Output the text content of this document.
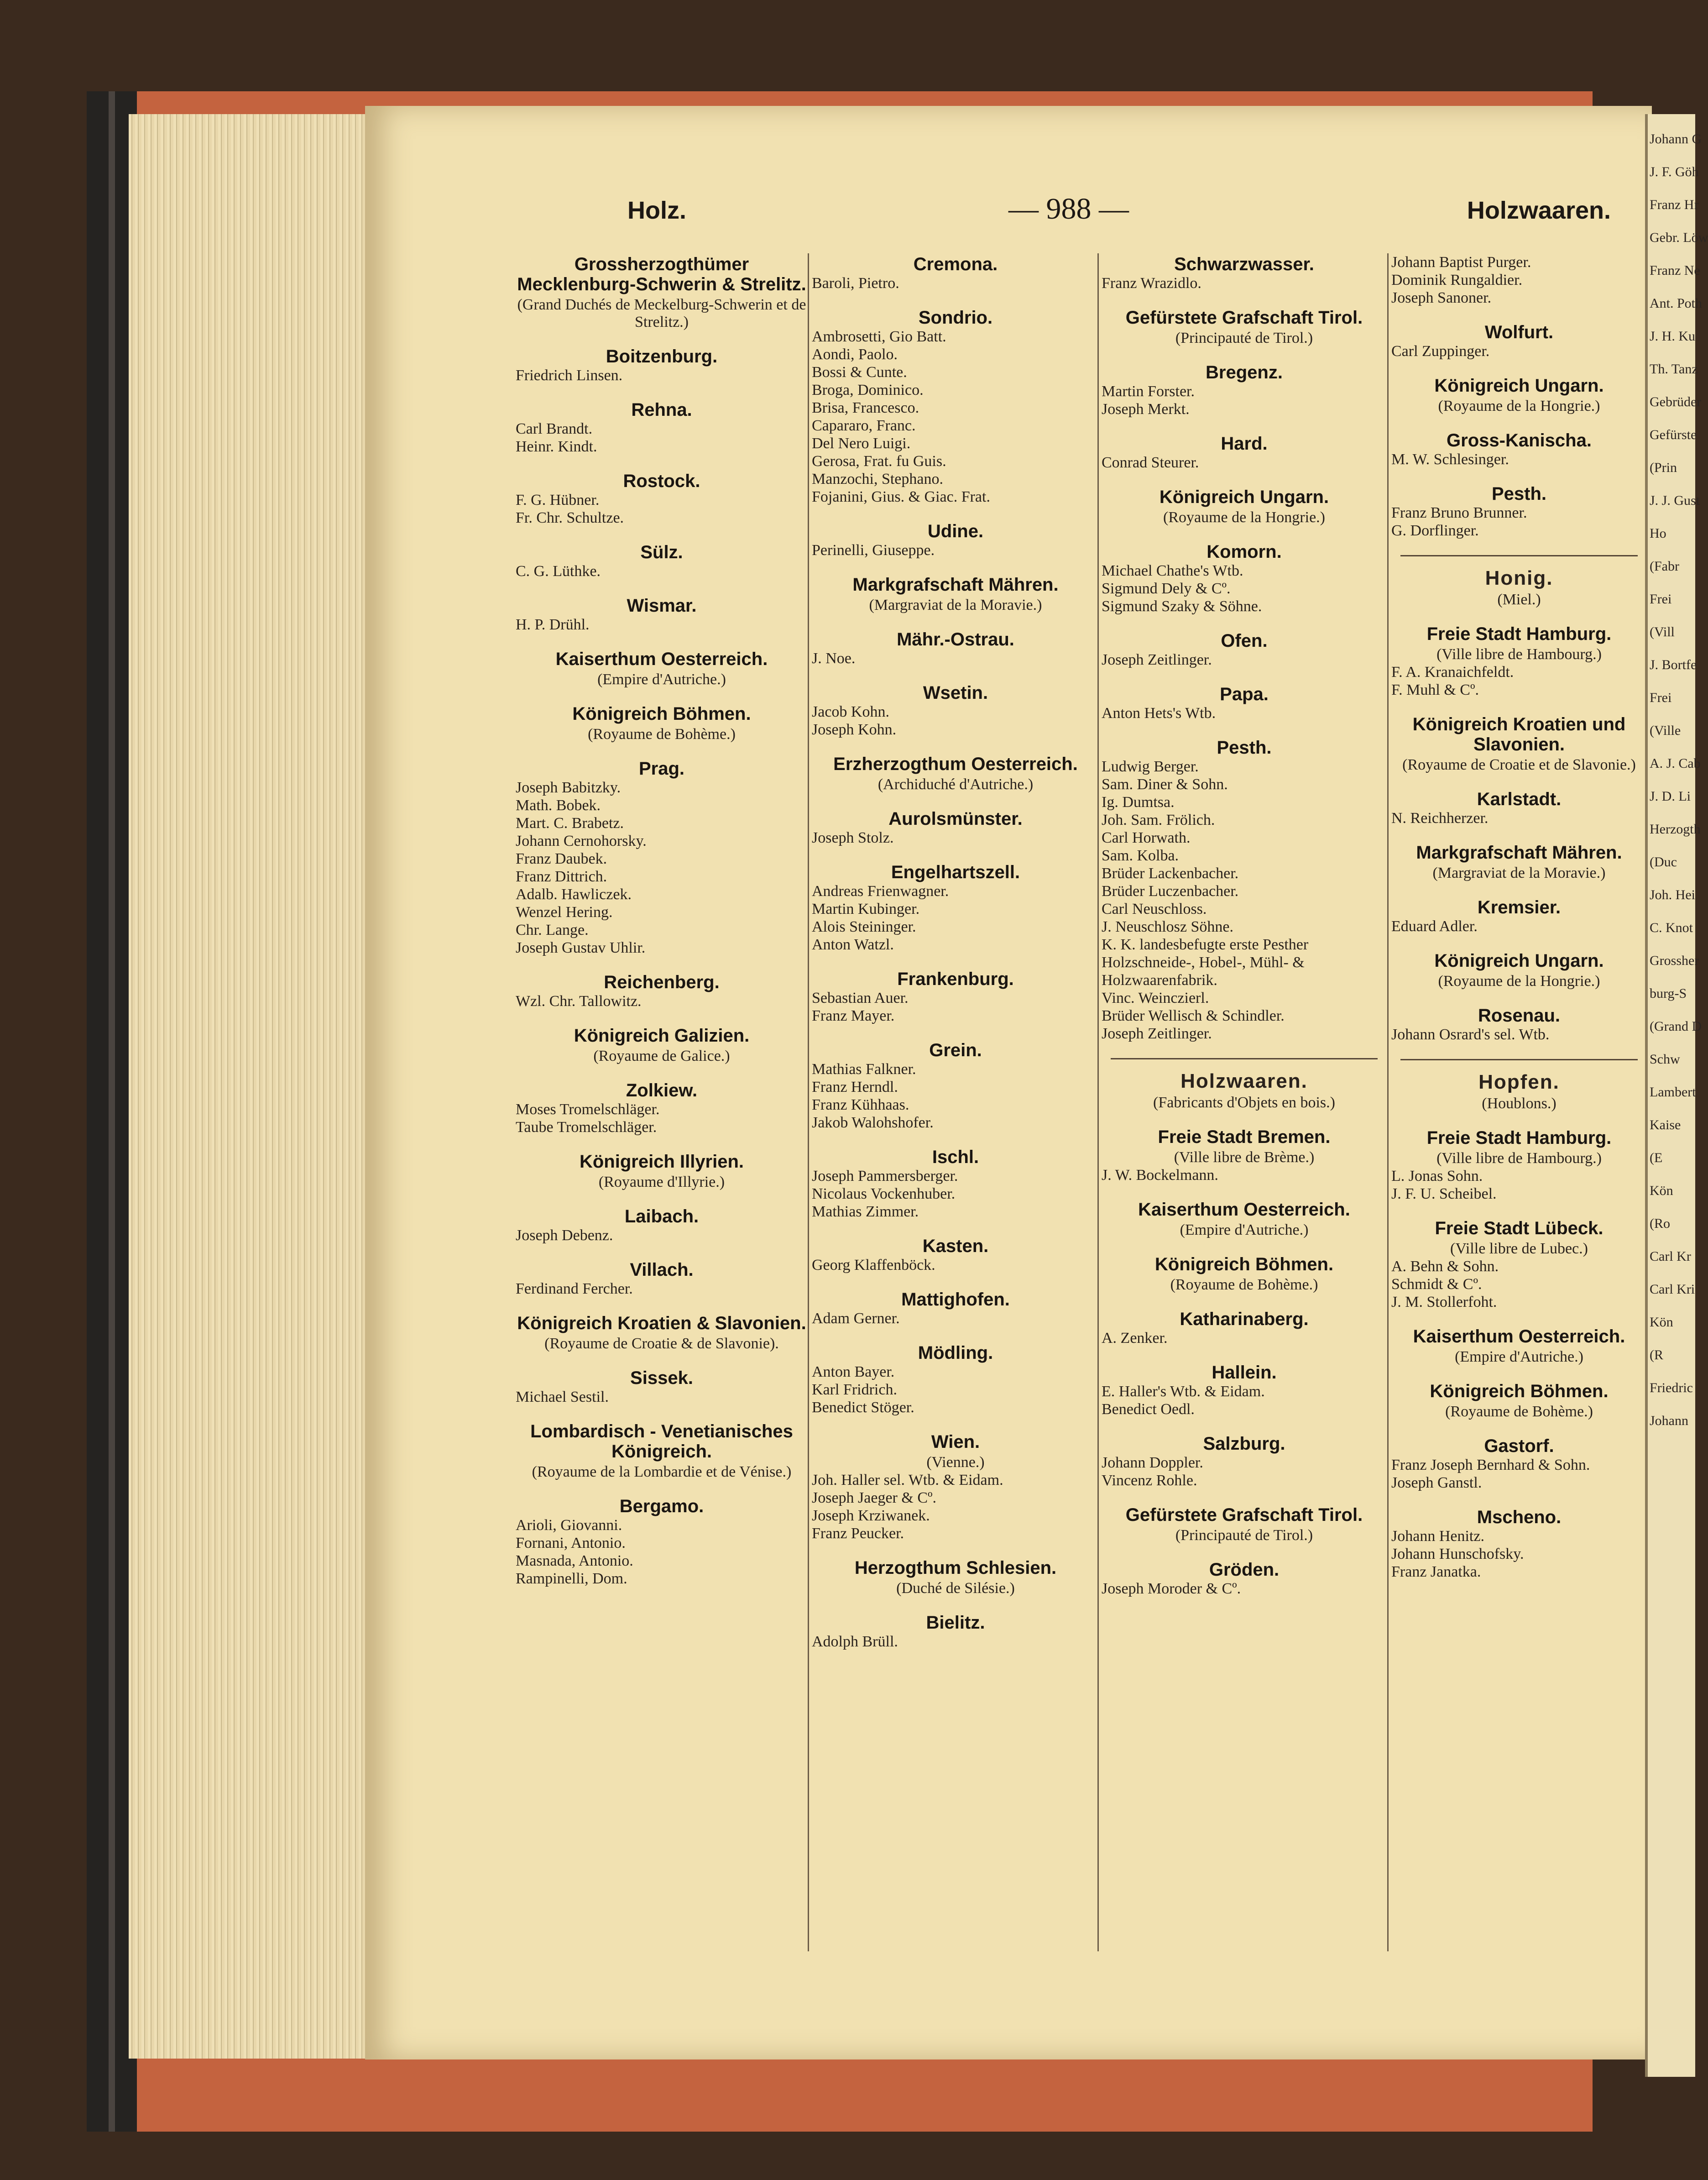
Holz.	— 988 —	Holzwaaren.
Grossherzogthümer Mecklenburg-Schwerin & Strelitz.
(Grand Duchés de Meckelburg-Schwerin et de Strelitz.)
Boitzenburg.
Friedrich Linsen.
Rehna.
Carl Brandt.
Heinr. Kindt.
Rostock.
F. G. Hübner.
Fr. Chr. Schultze.
Sülz.
C. G. Lüthke.
Wismar.
H. P. Drühl.
Kaiserthum Oesterreich.
(Empire d'Autriche.)
Königreich Böhmen.
(Royaume de Bohème.)
Prag.
Joseph Babitzky.
Math. Bobek.
Mart. C. Brabetz.
Johann Cernohorsky.
Franz Daubek.
Franz Dittrich.
Adalb. Hawliczek.
Wenzel Hering.
Chr. Lange.
Joseph Gustav Uhlir.
Reichenberg.
Wzl. Chr. Tallowitz.
Königreich Galizien.
(Royaume de Galice.)
Zolkiew.
Moses Tromelschläger.
Taube Tromelschläger.
Königreich Illyrien.
(Royaume d'Illyrie.)
Laibach.
Joseph Debenz.
Villach.
Ferdinand Fercher.
Königreich Kroatien & Slavonien.
(Royaume de Croatie & de Slavonie).
Sissek.
Michael Sestil.
Lombardisch - Venetianisches Königreich.
(Royaume de la Lombardie et de Vénise.)
Bergamo.
Arioli, Giovanni.
Fornani, Antonio.
Masnada, Antonio.
Rampinelli, Dom.
Cremona.
Baroli, Pietro.
Sondrio.
Ambrosetti, Gio Batt.
Aondi, Paolo.
Bossi & Cunte.
Broga, Dominico.
Brisa, Francesco.
Capararo, Franc.
Del Nero Luigi.
Gerosa, Frat. fu Guis.
Manzochi, Stephano.
Fojanini, Gius. & Giac. Frat.
Udine.
Perinelli, Giuseppe.
Markgrafschaft Mähren.
(Margraviat de la Moravie.)
Mähr.-Ostrau.
J. Noe.
Wsetin.
Jacob Kohn.
Joseph Kohn.
Erzherzogthum Oesterreich.
(Archiduché d'Autriche.)
Aurolsmünster.
Joseph Stolz.
Engelhartszell.
Andreas Frienwagner.
Martin Kubinger.
Alois Steininger.
Anton Watzl.
Frankenburg.
Sebastian Auer.
Franz Mayer.
Grein.
Mathias Falkner.
Franz Herndl.
Franz Kühhaas.
Jakob Walohshofer.
Ischl.
Joseph Pammersberger.
Nicolaus Vockenhuber.
Mathias Zimmer.
Kasten.
Georg Klaffenböck.
Mattighofen.
Adam Gerner.
Mödling.
Anton Bayer.
Karl Fridrich.
Benedict Stöger.
Wien.
(Vienne.)
Joh. Haller sel. Wtb. & Eidam.
Joseph Jaeger & Cº.
Joseph Krziwanek.
Franz Peucker.
Herzogthum Schlesien.
(Duché de Silésie.)
Bielitz.
Adolph Brüll.
Schwarzwasser.
Franz Wrazidlo.
Gefürstete Grafschaft Tirol.
(Principauté de Tirol.)
Bregenz.
Martin Forster.
Joseph Merkt.
Hard.
Conrad Steurer.
Königreich Ungarn.
(Royaume de la Hongrie.)
Komorn.
Michael Chathe's Wtb.
Sigmund Dely & Cº.
Sigmund Szaky & Söhne.
Ofen.
Joseph Zeitlinger.
Papa.
Anton Hets's Wtb.
Pesth.
Ludwig Berger.
Sam. Diner & Sohn.
Ig. Dumtsa.
Joh. Sam. Frölich.
Carl Horwath.
Sam. Kolba.
Brüder Lackenbacher.
Brüder Luczenbacher.
Carl Neuschloss.
J. Neuschlosz Söhne.
K. K. landesbefugte erste Pesther Holzschneide-, Hobel-, Mühl- & Holzwaarenfabrik.
Vinc. Weinczierl.
Brüder Wellisch & Schindler.
Joseph Zeitlinger.
Holzwaaren.
(Fabricants d'Objets en bois.)
Freie Stadt Bremen.
(Ville libre de Brème.)
J. W. Bockelmann.
Kaiserthum Oesterreich.
(Empire d'Autriche.)
Königreich Böhmen.
(Royaume de Bohème.)
Katharinaberg.
A. Zenker.
Hallein.
E. Haller's Wtb. & Eidam.
Benedict Oedl.
Salzburg.
Johann Doppler.
Vincenz Rohle.
Gefürstete Grafschaft Tirol.
(Principauté de Tirol.)
Gröden.
Joseph Moroder & Cº.
Johann Baptist Purger.
Dominik Rungaldier.
Joseph Sanoner.
Wolfurt.
Carl Zuppinger.
Königreich Ungarn.
(Royaume de la Hongrie.)
Gross-Kanischa.
M. W. Schlesinger.
Pesth.
Franz Bruno Brunner.
G. Dorflinger.
Honig.
(Miel.)
Freie Stadt Hamburg.
(Ville libre de Hambourg.)
F. A. Kranaichfeldt.
F. Muhl & Cº.
Königreich Kroatien und Slavonien.
(Royaume de Croatie et de Slavonie.)
Karlstadt.
N. Reichherzer.
Markgrafschaft Mähren.
(Margraviat de la Moravie.)
Kremsier.
Eduard Adler.
Königreich Ungarn.
(Royaume de la Hongrie.)
Rosenau.
Johann Osrard's sel. Wtb.
Hopfen.
(Houblons.)
Freie Stadt Hamburg.
(Ville libre de Hambourg.)
L. Jonas Sohn.
J. F. U. Scheibel.
Freie Stadt Lübeck.
(Ville libre de Lubec.)
A. Behn & Sohn.
Schmidt & Cº.
J. M. Stollerfoht.
Kaiserthum Oesterreich.
(Empire d'Autriche.)
Königreich Böhmen.
(Royaume de Bohème.)
Gastorf.
Franz Joseph Bernhard & Sohn.
Joseph Ganstl.
Mscheno.
Johann Henitz.
Johann Hunschofsky.
Franz Janatka.
Johann G
J. F. Göh
Franz Hr
Gebr. Löw
Franz Ne
Ant. Poth
J. H. Ku
Th. Tanz
Gebrüder
Gefürste
(Prin
J. J. Gust
Ho
(Fabr
Frei
(Vill
J. Bortfe
Frei
(Ville
A. J. Cab
J. D. Li
Herzogth
(Duc
Joh. Hei
C. Knot
Grossher
burg-S
(Grand D
Schw
Lambert
Kaise
(E
Kön
(Ro
Carl Kr
Carl Kri
Kön
(R
Friedric
Johann
